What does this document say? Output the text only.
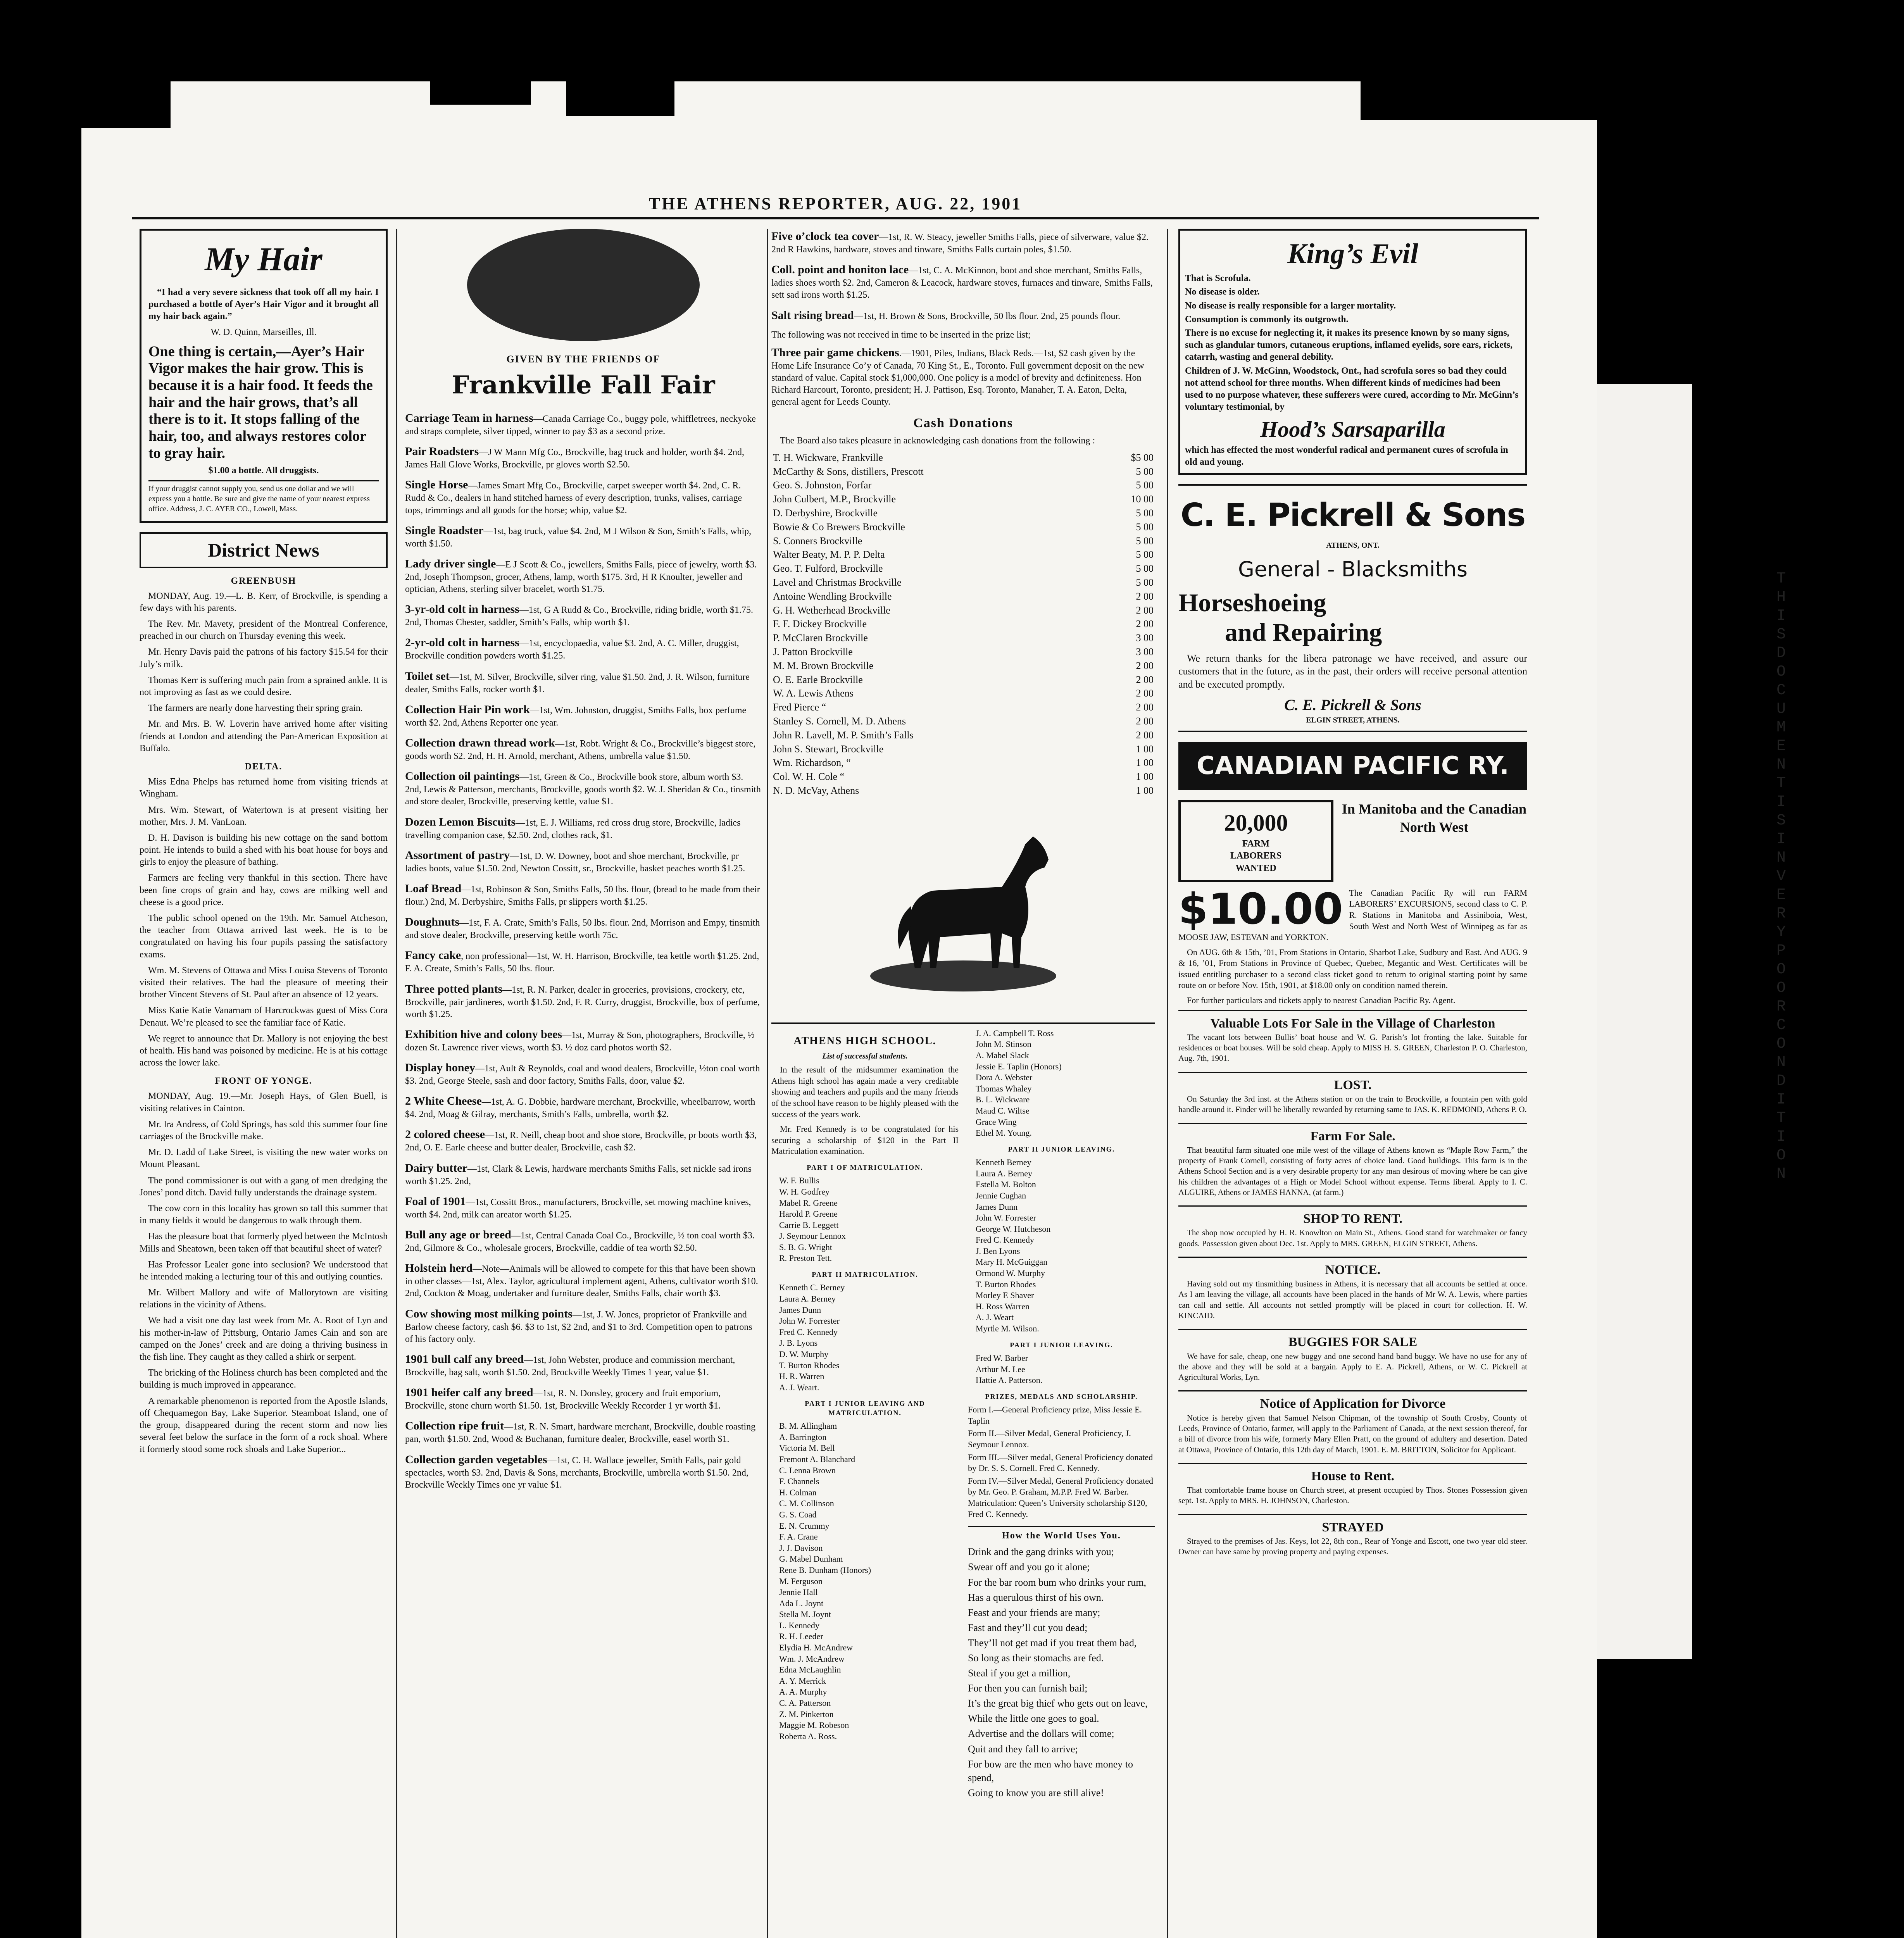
THE ATHENS REPORTER, AUG. 22, 1901
My Hair

“I had a very severe sickness that took off all my hair. I purchased a bottle of Ayer’s Hair Vigor and it brought all my hair back again.”

W. D. Quinn, Marseilles, Ill.
One thing is certain,—Ayer’s Hair Vigor makes the hair grow. This is because it is a hair food. It feeds the hair and the hair grows, that’s all there is to it. It stops falling of the hair, too, and always restores color to gray hair.
$1.00 a bottle. All druggists.
If your druggist cannot supply you, send us one dollar and we will express you a bottle. Be sure and give the name of your nearest express office. Address, J. C. AYER CO., Lowell, Mass.
District News
GREENBUSH

MONDAY, Aug. 19.—L. B. Kerr, of Brockville, is spending a few days with his parents.

The Rev. Mr. Mavety, president of the Montreal Conference, preached in our church on Thursday evening this week.

Mr. Henry Davis paid the patrons of his factory $15.54 for their July’s milk.

Thomas Kerr is suffering much pain from a sprained ankle. It is not improving as fast as we could desire.

The farmers are nearly done harvesting their spring grain.

Mr. and Mrs. B. W. Loverin have arrived home after visiting friends at London and attending the Pan-American Exposition at Buffalo.

DELTA.

Miss Edna Phelps has returned home from visiting friends at Wingham.

Mrs. Wm. Stewart, of Watertown is at present visiting her mother, Mrs. J. M. VanLoan.

D. H. Davison is building his new cottage on the sand bottom point. He intends to build a shed with his boat house for boys and girls to enjoy the pleasure of bathing.

Farmers are feeling very thankful in this section. There have been fine crops of grain and hay, cows are milking well and cheese is a good price.

The public school opened on the 19th. Mr. Samuel Atcheson, the teacher from Ottawa arrived last week. He is to be congratulated on having his four pupils passing the satisfactory exams.

Wm. M. Stevens of Ottawa and Miss Louisa Stevens of Toronto visited their relatives. The had the pleasure of meeting their brother Vincent Stevens of St. Paul after an absence of 12 years.

Miss Katie Katie Vanarnam of Harcrockwas guest of Miss Cora Denaut. We’re pleased to see the familiar face of Katie.

We regret to announce that Dr. Mallory is not enjoying the best of health. His hand was poisoned by medicine. He is at his cottage across the lower lake.

FRONT OF YONGE.

MONDAY, Aug. 19.—Mr. Joseph Hays, of Glen Buell, is visiting relatives in Cainton.

Mr. Ira Andress, of Cold Springs, has sold this summer four fine carriages of the Brockville make.

Mr. D. Ladd of Lake Street, is visiting the new water works on Mount Pleasant.

The pond commissioner is out with a gang of men dredging the Jones’ pond ditch. David fully understands the drainage system.

The cow corn in this locality has grown so tall this summer that in many fields it would be dangerous to walk through them.

Has the pleasure boat that formerly plyed between the McIntosh Mills and Sheatown, been taken off that beautiful sheet of water?

Has Professor Lealer gone into seclusion? We understood that he intended making a lecturing tour of this and outlying counties.

Mr. Wilbert Mallory and wife of Mallorytown are visiting relations in the vicinity of Athens.

We had a visit one day last week from Mr. A. Root of Lyn and his mother-in-law of Pittsburg, Ontario James Cain and son are camped on the Jones’ creek and are doing a thriving business in the fish line. They caught as they called a shirk or serpent.

The bricking of the Holiness church has been completed and the building is much improved in appearance.

A remarkable phenomenon is reported from the Apostle Islands, off Chequamegon Bay, Lake Superior. Steamboat Island, one of the group, disappeared during the recent storm and now lies several feet below the surface in the form of a rock shoal. Where it formerly stood some rock shoals and Lake Superior...

GIVEN BY THE FRIENDS OF
Frankville Fall Fair
Carriage Team in harness—Canada Carriage Co., buggy pole, whiffletrees, neckyoke and straps complete, silver tipped, winner to pay $3 as a second prize.
Pair Roadsters—J W Mann Mfg Co., Brockville, bag truck and holder, worth $4. 2nd, James Hall Glove Works, Brockville, pr gloves worth $2.50.
Single Horse—James Smart Mfg Co., Brockville, carpet sweeper worth $4. 2nd, C. R. Rudd & Co., dealers in hand stitched harness of every description, trunks, valises, carriage tops, trimmings and all goods for the horse; whip, value $2.
Single Roadster—1st, bag truck, value $4. 2nd, M J Wilson & Son, Smith’s Falls, whip, worth $1.50.
Lady driver single—E J Scott & Co., jewellers, Smiths Falls, piece of jewelry, worth $3. 2nd, Joseph Thompson, grocer, Athens, lamp, worth $175. 3rd, H R Knoulter, jeweller and optician, Athens, sterling silver bracelet, worth $1.75.
3-yr-old colt in harness—1st, G A Rudd & Co., Brockville, riding bridle, worth $1.75. 2nd, Thomas Chester, saddler, Smith’s Falls, whip worth $1.
2-yr-old colt in harness—1st, encyclopaedia, value $3. 2nd, A. C. Miller, druggist, Brockville condition powders worth $1.25.
Toilet set—1st, M. Silver, Brockville, silver ring, value $1.50. 2nd, J. R. Wilson, furniture dealer, Smiths Falls, rocker worth $1.
Collection Hair Pin work—1st, Wm. Johnston, druggist, Smiths Falls, box perfume worth $2. 2nd, Athens Reporter one year.
Collection drawn thread work—1st, Robt. Wright & Co., Brockville’s biggest store, goods worth $2. 2nd, H. H. Arnold, merchant, Athens, umbrella value $1.50.
Collection oil paintings—1st, Green & Co., Brockville book store, album worth $3. 2nd, Lewis & Patterson, merchants, Brockville, goods worth $2. W. J. Sheridan & Co., tinsmith and store dealer, Brockville, preserving kettle, value $1.
Dozen Lemon Biscuits—1st, E. J. Williams, red cross drug store, Brockville, ladies travelling companion case, $2.50. 2nd, clothes rack, $1.
Assortment of pastry—1st, D. W. Downey, boot and shoe merchant, Brockville, pr ladies boots, value $1.50. 2nd, Newton Cossitt, sr., Brockville, basket peaches worth $1.25.
Loaf Bread—1st, Robinson & Son, Smiths Falls, 50 lbs. flour, (bread to be made from their flour.) 2nd, M. Derbyshire, Smiths Falls, pr slippers worth $1.25.
Doughnuts—1st, F. A. Crate, Smith’s Falls, 50 lbs. flour. 2nd, Morrison and Empy, tinsmith and stove dealer, Brockville, preserving kettle worth 75c.
Fancy cake, non professional—1st, W. H. Harrison, Brockville, tea kettle worth $1.25. 2nd, F. A. Create, Smith’s Falls, 50 lbs. flour.
Three potted plants—1st, R. N. Parker, dealer in groceries, provisions, crockery, etc, Brockville, pair jardineres, worth $1.50. 2nd, F. R. Curry, druggist, Brockville, box of perfume, worth $1.25.
Exhibition hive and colony bees—1st, Murray & Son, photographers, Brockville, ½ dozen St. Lawrence river views, worth $3. ½ doz card photos worth $2.
Display honey—1st, Ault & Reynolds, coal and wood dealers, Brockville, ½ton coal worth $3. 2nd, George Steele, sash and door factory, Smiths Falls, door, value $2.
2 White Cheese—1st, A. G. Dobbie, hardware merchant, Brockville, wheelbarrow, worth $4. 2nd, Moag & Gilray, merchants, Smith’s Falls, umbrella, worth $2.
2 colored cheese—1st, R. Neill, cheap boot and shoe store, Brockville, pr boots worth $3, 2nd, O. E. Earle cheese and butter dealer, Brockville, cash $2.
Dairy butter—1st, Clark & Lewis, hardware merchants Smiths Falls, set nickle sad irons worth $1.25. 2nd,
Foal of 1901—1st, Cossitt Bros., manufacturers, Brockville, set mowing machine knives, worth $4. 2nd, milk can areator worth $1.25.
Bull any age or breed—1st, Central Canada Coal Co., Brockville, ½ ton coal worth $3. 2nd, Gilmore & Co., wholesale grocers, Brockville, caddie of tea worth $2.50.
Holstein herd—Note—Animals will be allowed to compete for this that have been shown in other classes—1st, Alex. Taylor, agricultural implement agent, Athens, cultivator worth $10. 2nd, Cockton & Moag, undertaker and furniture dealer, Smiths Falls, chair worth $3.
Cow showing most milking points—1st, J. W. Jones, proprietor of Frankville and Barlow cheese factory, cash $6. $3 to 1st, $2 2nd, and $1 to 3rd. Competition open to patrons of his factory only.
1901 bull calf any breed—1st, John Webster, produce and commission merchant, Brockville, bag salt, worth $1.50. 2nd, Brockville Weekly Times 1 year, value $1.
1901 heifer calf any breed—1st, R. N. Donsley, grocery and fruit emporium, Brockville, stone churn worth $1.50. 1st, Brockville Weekly Recorder 1 yr worth $1.
Collection ripe fruit—1st, R. N. Smart, hardware merchant, Brockville, double roasting pan, worth $1.50. 2nd, Wood & Buchanan, furniture dealer, Brockville, easel worth $1.
Collection garden vegetables—1st, C. H. Wallace jeweller, Smith Falls, pair gold spectacles, worth $3. 2nd, Davis & Sons, merchants, Brockville, umbrella worth $1.50. 2nd, Brockville Weekly Times one yr value $1.
Five o’clock tea cover—1st, R. W. Steacy, jeweller Smiths Falls, piece of silverware, value $2. 2nd R Hawkins, hardware, stoves and tinware, Smiths Falls curtain poles, $1.50.
Coll. point and honiton lace—1st, C. A. McKinnon, boot and shoe merchant, Smiths Falls, ladies shoes worth $2. 2nd, Cameron & Leacock, hardware stoves, furnaces and tinware, Smiths Falls, sett sad irons worth $1.25.
Salt rising bread—1st, H. Brown & Sons, Brockville, 50 lbs flour. 2nd, 25 pounds flour.

The following was not received in time to be inserted in the prize list;

Three pair game chickens.—1901, Piles, Indians, Black Reds.—1st, $2 cash given by the Home Life Insurance Co’y of Canada, 70 King St., E., Toronto. Full government deposit on the new standard of value. Capital stock $1,000,000. One policy is a model of brevity and definiteness. Hon Richard Harcourt, Toronto, president; H. J. Pattison, Esq. Toronto, Manaher, T. A. Eaton, Delta, general agent for Leeds County.
Cash Donations

The Board also takes pleasure in acknowledging cash donations from the following :

T. H. Wickware, Frankville	$5 00
McCarthy & Sons, distillers, Prescott	5 00
Geo. S. Johnston, Forfar	5 00
John Culbert, M.P., Brockville	10 00
D. Derbyshire, Brockville	5 00
Bowie & Co Brewers Brockville	5 00
S. Conners Brockville	5 00
Walter Beaty, M. P. P. Delta	5 00
Geo. T. Fulford, Brockville	5 00
Lavel and Christmas Brockville	5 00
Antoine Wendling Brockville	2 00
G. H. Wetherhead Brockville	2 00
F. F. Dickey Brockville	2 00
P. McClaren Brockville	3 00
J. Patton Brockville	3 00
M. M. Brown Brockville	2 00
O. E. Earle Brockville	2 00
W. A. Lewis Athens	2 00
Fred Pierce “	2 00
Stanley S. Cornell, M. D. Athens	2 00
John R. Lavell, M. P. Smith’s Falls	2 00
John S. Stewart, Brockville	1 00
Wm. Richardson, “	1 00
Col. W. H. Cole “	1 00
N. D. McVay, Athens	1 00
ATHENS HIGH SCHOOL.
List of successful students.

In the result of the midsummer examination the Athens high school has again made a very creditable showing and teachers and pupils and the many friends of the school have reason to be highly pleased with the success of the years work.

Mr. Fred Kennedy is to be congratulated for his securing a scholarship of $120 in the Part II Matriculation examination.

PART I OF MATRICULATION.
W. F. Bullis
W. H. Godfrey
Mabel R. Greene
Harold P. Greene
Carrie B. Leggett
J. Seymour Lennox
S. B. G. Wright
R. Preston Tett.
PART II MATRICULATION.
Kenneth C. Berney
Laura A. Berney
James Dunn
John W. Forrester
Fred C. Kennedy
J. B. Lyons
D. W. Murphy
T. Burton Rhodes
H. R. Warren
A. J. Weart.
PART I JUNIOR LEAVING AND MATRICULATION.
B. M. Allingham
A. Barrington
Victoria M. Bell
Fremont A. Blanchard
C. Lenna Brown
F. Channels
H. Colman
C. M. Collinson
G. S. Coad
E. N. Crummy
F. A. Crane
J. J. Davison
G. Mabel Dunham
Rene B. Dunham (Honors)
M. Ferguson
Jennie Hall
Ada L. Joynt
Stella M. Joynt
L. Kennedy
R. H. Leeder
Elydia H. McAndrew
Wm. J. McAndrew
Edna McLaughlin
A. Y. Merrick
A. A. Murphy
C. A. Patterson
Z. M. Pinkerton
Maggie M. Robeson
Roberta A. Ross.
J. A. Campbell T. Ross
John M. Stinson
A. Mabel Slack
Jessie E. Taplin (Honors)
Dora A. Webster
Thomas Whaley
B. L. Wickware
Maud C. Wiltse
Grace Wing
Ethel M. Young.
PART II JUNIOR LEAVING.
Kenneth Berney
Laura A. Berney
Estella M. Bolton
Jennie Cughan
James Dunn
John W. Forrester
George W. Hutcheson
Fred C. Kennedy
J. Ben Lyons
Mary H. McGuiggan
Ormond W. Murphy
T. Burton Rhodes
Morley E Shaver
H. Ross Warren
A. J. Weart
Myrtle M. Wilson.
PART I JUNIOR LEAVING.
Fred W. Barber
Arthur M. Lee
Hattie A. Patterson.
PRIZES, MEDALS AND SCHOLARSHIP.
Form I.—General Proficiency prize, Miss Jessie E. Taplin
Form II.—Silver Medal, General Proficiency, J. Seymour Lennox.
Form III.—Silver medal, General Proficiency donated by Dr. S. S. Cornell. Fred C. Kennedy.
Form IV.—Silver Medal, General Proficiency donated by Mr. Geo. P. Graham, M.P.P. Fred W. Barber. Matriculation: Queen’s University scholarship $120, Fred C. Kennedy.
How the World Uses You.
Drink and the gang drinks with you;
Swear off and you go it alone;
For the bar room bum who drinks your rum,
Has a querulous thirst of his own.
Feast and your friends are many;
Fast and they’ll cut you dead;
They’ll not get mad if you treat them bad,
So long as their stomachs are fed.
Steal if you get a million,
For then you can furnish bail;
It’s the great big thief who gets out on leave,
While the little one goes to goal.
Advertise and the dollars will come;
Quit and they fall to arrive;
For bow are the men who have money to spend,
Going to know you are still alive!
King’s Evil
That is Scrofula.
No disease is older.
No disease is really responsible for a larger mortality.
Consumption is commonly its outgrowth.
There is no excuse for neglecting it, it makes its presence known by so many signs, such as glandular tumors, cutaneous eruptions, inflamed eyelids, sore ears, rickets, catarrh, wasting and general debility.
Children of J. W. McGinn, Woodstock, Ont., had scrofula sores so bad they could not attend school for three months. When different kinds of medicines had been used to no purpose whatever, these sufferers were cured, according to Mr. McGinn’s voluntary testimonial, by
Hood’s Sarsaparilla
which has effected the most wonderful radical and permanent cures of scrofula in old and young.
C. E. Pickrell & Sons
ATHENS, ONT.
General - Blacksmiths
Horseshoeing
and Repairing

We return thanks for the libera patronage we have received, and assure our customers that in the future, as in the past, their orders will receive personal attention and be executed promptly.

C. E. Pickrell & Sons
ELGIN STREET, ATHENS.
CANADIAN PACIFIC RY.
20,000
FARM
LABORERS
WANTED
In Manitoba and the Canadian North West
$10.00 The Canadian Pacific Ry will run FARM LABORERS’ EXCURSIONS, second class to C. P. R. Stations in Manitoba and Assiniboia, West, South West and North West of Winnipeg as far as MOOSE JAW, ESTEVAN and YORKTON.

On AUG. 6th & 15th, ’01, From Stations in Ontario, Sharbot Lake, Sudbury and East. And AUG. 9 & 16, ’01, From Stations in Province of Quebec, Quebec, Megantic and West. Certificates will be issued entitling purchaser to a second class ticket good to return to original starting point by same route on or before Nov. 15th, 1901, at $18.00 only on condition named therein.

For further particulars and tickets apply to nearest Canadian Pacific Ry. Agent.

Valuable Lots For Sale in the Village of Charleston

The vacant lots between Bullis’ boat house and W. G. Parish’s lot fronting the lake. Suitable for residences or boat houses. Will be sold cheap. Apply to MISS H. S. GREEN, Charleston P. O. Charleston, Aug. 7th, 1901.

LOST.

On Saturday the 3rd inst. at the Athens station or on the train to Brockville, a fountain pen with gold handle around it. Finder will be liberally rewarded by returning same to JAS. K. REDMOND, Athens P. O.

Farm For Sale.

That beautiful farm situated one mile west of the village of Athens known as “Maple Row Farm,” the property of Frank Cornell, consisting of forty acres of choice land. Good buildings. This farm is in the Athens School Section and is a very desirable property for any man desirous of moving where he can give his children the advantages of a High or Model School without expense. Terms liberal. Apply to I. C. ALGUIRE, Athens or JAMES HANNA, (at farm.)

SHOP TO RENT.

The shop now occupied by H. R. Knowlton on Main St., Athens. Good stand for watchmaker or fancy goods. Possession given about Dec. 1st. Apply to MRS. GREEN, ELGIN STREET, Athens.

NOTICE.

Having sold out my tinsmithing business in Athens, it is necessary that all accounts be settled at once. As I am leaving the village, all accounts have been placed in the hands of Mr W. A. Lewis, where parties can call and settle. All accounts not settled promptly will be placed in court for collection. H. W. KINCAID.

BUGGIES FOR SALE

We have for sale, cheap, one new buggy and one second hand band buggy. We have no use for any of the above and they will be sold at a bargain. Apply to E. A. Pickrell, Athens, or W. C. Pickrell at Agricultural Works, Lyn.

Notice of Application for Divorce

Notice is hereby given that Samuel Nelson Chipman, of the township of South Crosby, County of Leeds, Province of Ontario, farmer, will apply to the Parliament of Canada, at the next session thereof, for a bill of divorce from his wife, formerly Mary Ellen Pratt, on the ground of adultery and desertion. Dated at Ottawa, Province of Ontario, this 12th day of March, 1901. E. M. BRITTON, Solicitor for Applicant.

House to Rent.

That comfortable frame house on Church street, at present occupied by Thos. Stones Possession given sept. 1st. Apply to MRS. H. JOHNSON, Charleston.

STRAYED

Strayed to the premises of Jas. Keys, lot 22, 8th con., Rear of Yonge and Escott, one two year old steer. Owner can have same by proving property and paying expenses.

THIS DOCUMENT IS IN VERY POOR CONDITION
